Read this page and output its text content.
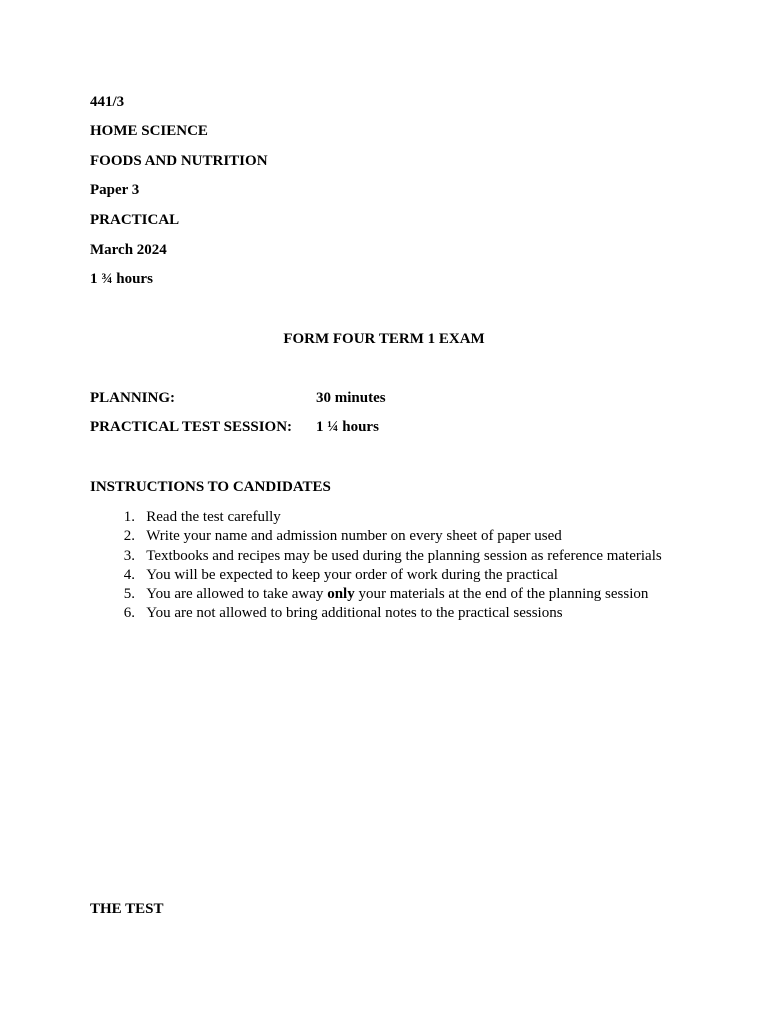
441/3
HOME SCIENCE
FOODS AND NUTRITION
Paper 3
PRACTICAL
March 2024
1 ¾ hours
FORM FOUR TERM 1 EXAM
PLANNING:	30 minutes
PRACTICAL TEST SESSION: 1 ¼ hours
INSTRUCTIONS TO CANDIDATES
1. Read the test carefully
2. Write your name and admission number on every sheet of paper used
3. Textbooks and recipes may be used during the planning session as reference materials
4. You will be expected to keep your order of work during the practical
5. You are allowed to take away only your materials at the end of the planning session
6. You are not allowed to bring additional notes to the practical sessions
THE TEST
